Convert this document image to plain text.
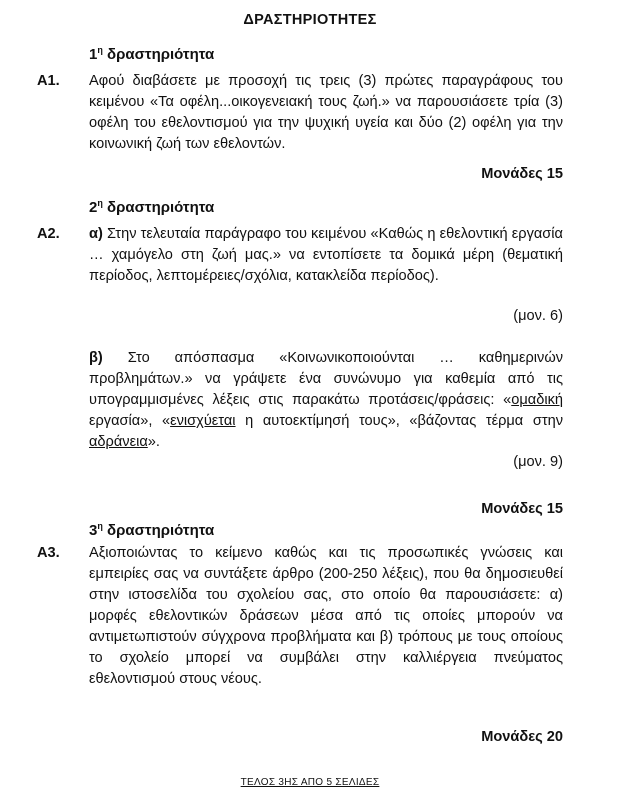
ΔΡΑΣΤΗΡΙΟΤΗΤΕΣ
$1^\eta$ δραστηριότητα
Α1. Αφού διαβάσετε με προσοχή τις τρεις (3) πρώτες παραγράφους του κειμένου «Τα οφέλη...οικογενειακή τους ζωή.» να παρουσιάσετε τρία (3) οφέλη του εθελοντισμού για την ψυχική υγεία και δύο (2) οφέλη για την κοινωνική ζωή των εθελοντών.

Μονάδες 15
$2^\eta$ δραστηριότητα
Α2. α) Στην τελευταία παράγραφο του κειμένου «Καθώς η εθελοντική εργασία … χαμόγελο στη ζωή μας.» να εντοπίσετε τα δομικά μέρη (θεματική περίοδος, λεπτομέρειες/σχόλια, κατακλείδα περίοδος).

(μον. 6)

β) Στο απόσπασμα «Κοινωνικοποιούνται … καθημερινών προβλημάτων.» να γράψετε ένα συνώνυμο για καθεμία από τις υπογραμμισμένες λέξεις στις παρακάτω προτάσεις/φράσεις: «ομαδική εργασία», «ενισχύεται η αυτοεκτίμησή τους», «βάζοντας τέρμα στην αδράνεια».

(μον. 9)
Μονάδες 15
$3^\eta$ δραστηριότητα
Α3. Αξιοποιώντας το κείμενο καθώς και τις προσωπικές γνώσεις και εμπειρίες σας να συντάξετε άρθρο (200-250 λέξεις), που θα δημοσιευθεί στην ιστοσελίδα του σχολείου σας, στο οποίο θα παρουσιάσετε: α) μορφές εθελοντικών δράσεων μέσα από τις οποίες μπορούν να αντιμετωπιστούν σύγχρονα προβλήματα και β) τρόπους με τους οποίους το σχολείο μπορεί να συμβάλει στην καλλιέργεια πνεύματος εθελοντισμού στους νέους.

Μονάδες 20
ΤΕΛΟΣ 3ΗΣ ΑΠΟ 5 ΣΕΛΙΔΕΣ
